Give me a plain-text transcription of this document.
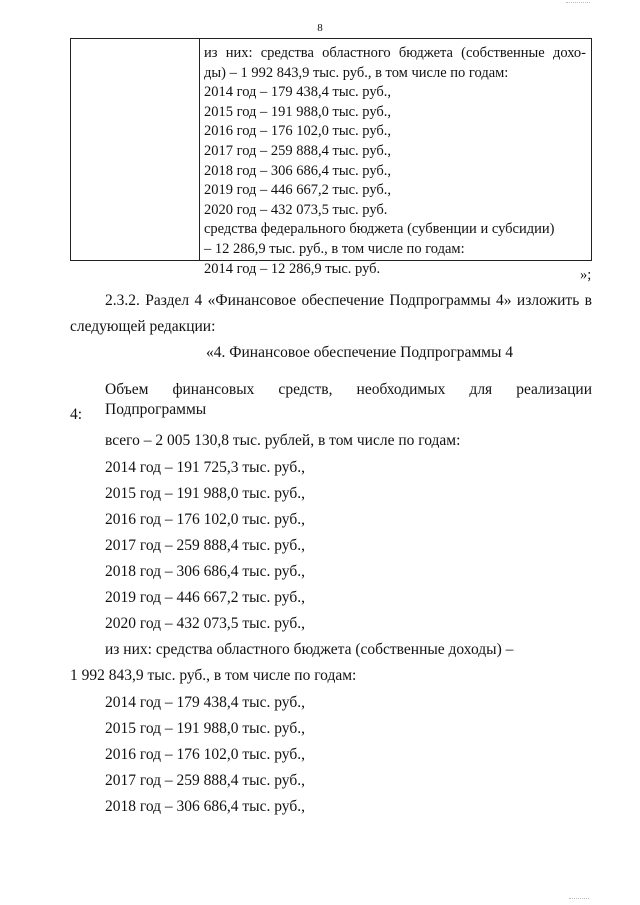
8
из них: средства областного бюджета (собственные дохо-
ды) – 1 992 843,9 тыс. руб., в том числе по годам:
2014 год – 179 438,4 тыс. руб.,
2015 год – 191 988,0 тыс. руб.,
2016 год – 176 102,0 тыс. руб.,
2017 год – 259 888,4 тыс. руб.,
2018 год – 306 686,4 тыс. руб.,
2019 год – 446 667,2 тыс. руб.,
2020 год – 432 073,5 тыс. руб.
средства федерального бюджета (субвенции и субсидии)
– 12 286,9 тыс. руб., в том числе по годам:
2014 год – 12 286,9 тыс. руб.	»;
2.3.2. Раздел 4 «Финансовое обеспечение Подпрограммы 4» изложить в
следующей редакции:
«4. Финансовое обеспечение Подпрограммы 4
Объем финансовых средств, необходимых для реализации Подпрограммы
4:
всего – 2 005 130,8 тыс. рублей, в том числе по годам:
2014 год – 191 725,3 тыс. руб.,
2015 год – 191 988,0 тыс. руб.,
2016 год – 176 102,0 тыс. руб.,
2017 год – 259 888,4 тыс. руб.,
2018 год – 306 686,4 тыс. руб.,
2019 год – 446 667,2 тыс. руб.,
2020 год – 432 073,5 тыс. руб.,
из них: средства областного бюджета (собственные доходы) –
1 992 843,9 тыс. руб., в том числе по годам:
2014 год – 179 438,4 тыс. руб.,
2015 год – 191 988,0 тыс. руб.,
2016 год – 176 102,0 тыс. руб.,
2017 год – 259 888,4 тыс. руб.,
2018 год – 306 686,4 тыс. руб.,
